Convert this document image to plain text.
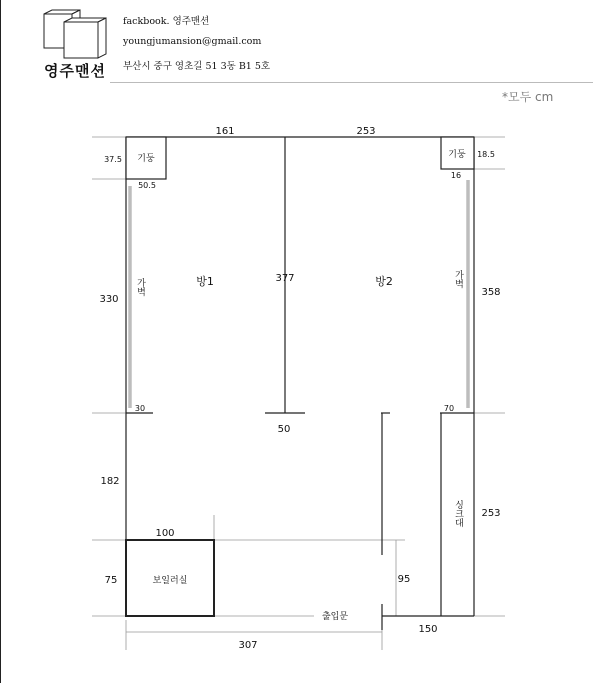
영주맨션
fackbook. 영주맨션
youngjumansion@gmail.com
부산시 중구 영초길 51 3동 B1 5호
*모두 cm
기둥	기둥
방1	방2
가벽	가벽
싱크대
보일러실
출입문
161	253
37.5
50.5
18.5
16
330
358
377
50
30	70
182
253
100
75	95
307
150
